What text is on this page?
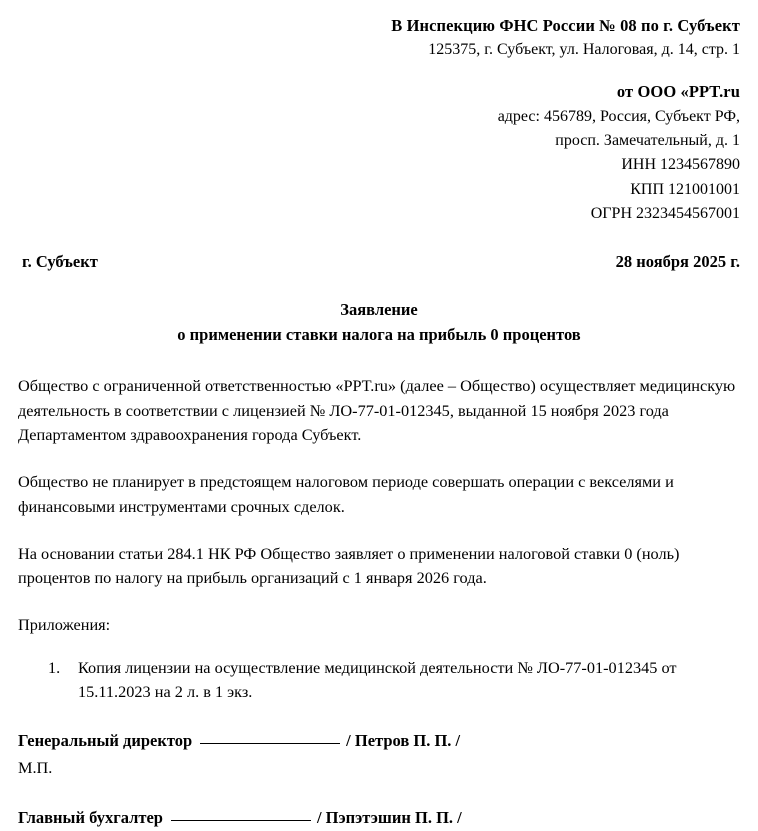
В Инспекцию ФНС России № 08 по г. Субъект
125375, г. Субъект, ул. Налоговая, д. 14, стр. 1
от ООО «PPT.ru
адрес: 456789, Россия, Субъект РФ,
просп. Замечательный, д. 1
ИНН 1234567890
КПП 121001001
ОГРН 2323454567001
г. Субъект	28 ноября 2025 г.
Заявление
о применении ставки налога на прибыль 0 процентов

Общество с ограниченной ответственностью «PPT.ru» (далее – Общество) осуществляет медицинскую деятельность в соответствии с лицензией № ЛО-77-01-012345, выданной 15 ноября 2023 года Департаментом здравоохранения города Субъект.

Общество не планирует в предстоящем налоговом периоде совершать операции с векселями и финансовыми инструментами срочных сделок.

На основании статьи 284.1 НК РФ Общество заявляет о применении налоговой ставки 0 (ноль) процентов по налогу на прибыль организаций с 1 января 2026 года.

Приложения:

1.	Копия лицензии на осуществление медицинской деятельности № ЛО-77-01-012345 от 15.11.2023 на 2 л. в 1 экз.
Генеральный директор	/ Петров П. П. /
М.П.
Главный бухгалтер	/ Пэпэтэшин П. П. /
